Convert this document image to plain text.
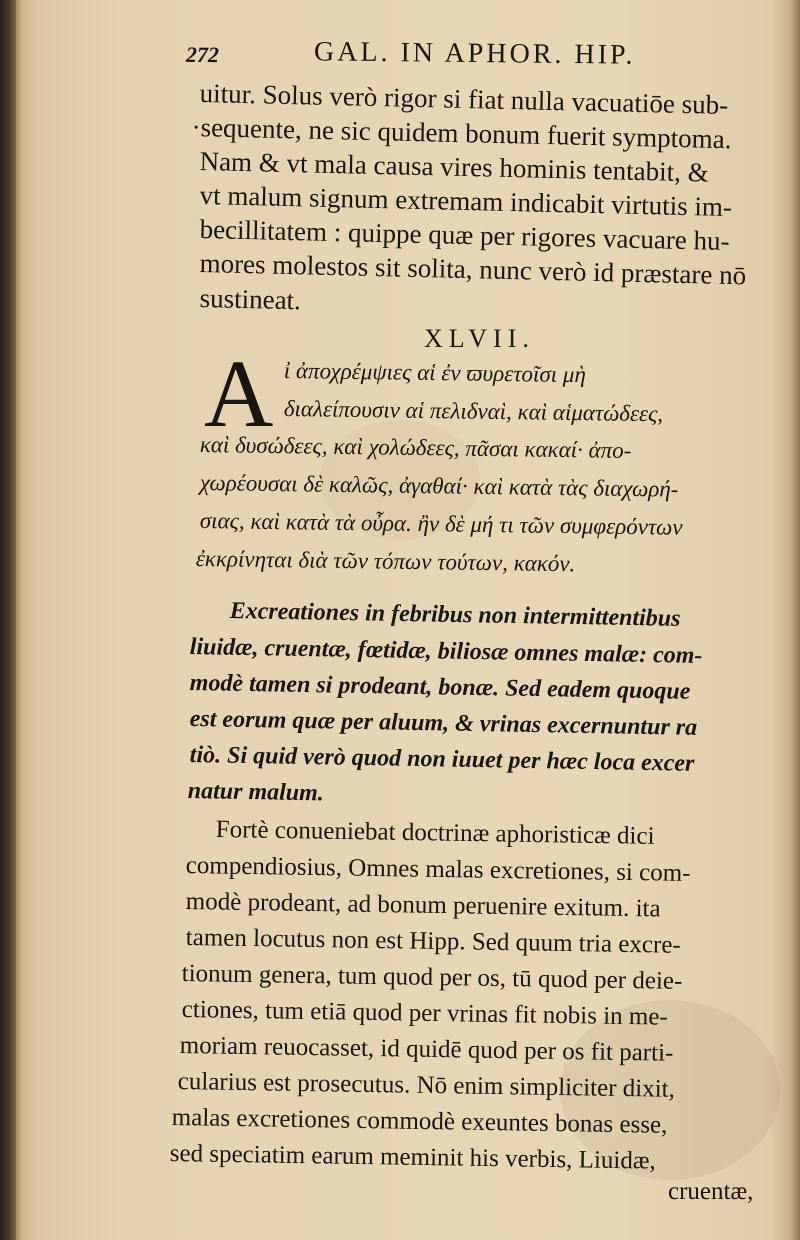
272	GAL. IN APHOR. HIP.
uitur. Solus verò rigor si fiat nulla vacuatiōe sub-
·sequente, ne sic quidem bonum fuerit symptoma.
Nam & vt mala causa vires hominis tentabit, &
vt malum signum extremam indicabit virtutis im-
becillitatem : quippe quæ per rigores vacuare hu-
mores molestos sit solita, nunc verò id præstare nō
sustineat.
XLVII.
A ἰ ἀποχρέμψιες αἱ ἐν ϖυρετοῖσι μὴ
διαλείπουσιν αἱ πελιδναὶ, καὶ αἱματώδεες,
καὶ δυσώδεες, καὶ χολώδεες, πᾶσαι κακαί· ἀπο-
χωρέουσαι δὲ καλῶς, ἀγαθαί· καὶ κατὰ τὰς διαχωρή-
σιας, καὶ κατὰ τὰ οὖρα. ἢν δὲ μή τι τῶν συμφερόντων
ἐκκρίνηται διὰ τῶν τόπων τούτων, κακόν.
Excreationes in febribus non intermittentibus
liuidæ, cruentæ, fœtidæ, biliosæ omnes malæ: com-
modè tamen si prodeant, bonæ. Sed eadem quoque
est eorum quæ per aluum, & vrinas excernuntur ra
tiò. Si quid verò quod non iuuet per hæc loca excer
natur malum.
Fortè conueniebat doctrinæ aphoristicæ dici
compendiosius, Omnes malas excretiones, si com-
modè prodeant, ad bonum peruenire exitum. ita
tamen locutus non est Hipp. Sed quum tria excre-
tionum genera, tum quod per os, tū quod per deie-
ctiones, tum etiā quod per vrinas fit nobis in me-
moriam reuocasset, id quidē quod per os fit parti-
cularius est prosecutus. Nō enim simpliciter dixit,
malas excretiones commodè exeuntes bonas esse,
sed speciatim earum meminit his verbis, Liuidæ,
cruentæ,
